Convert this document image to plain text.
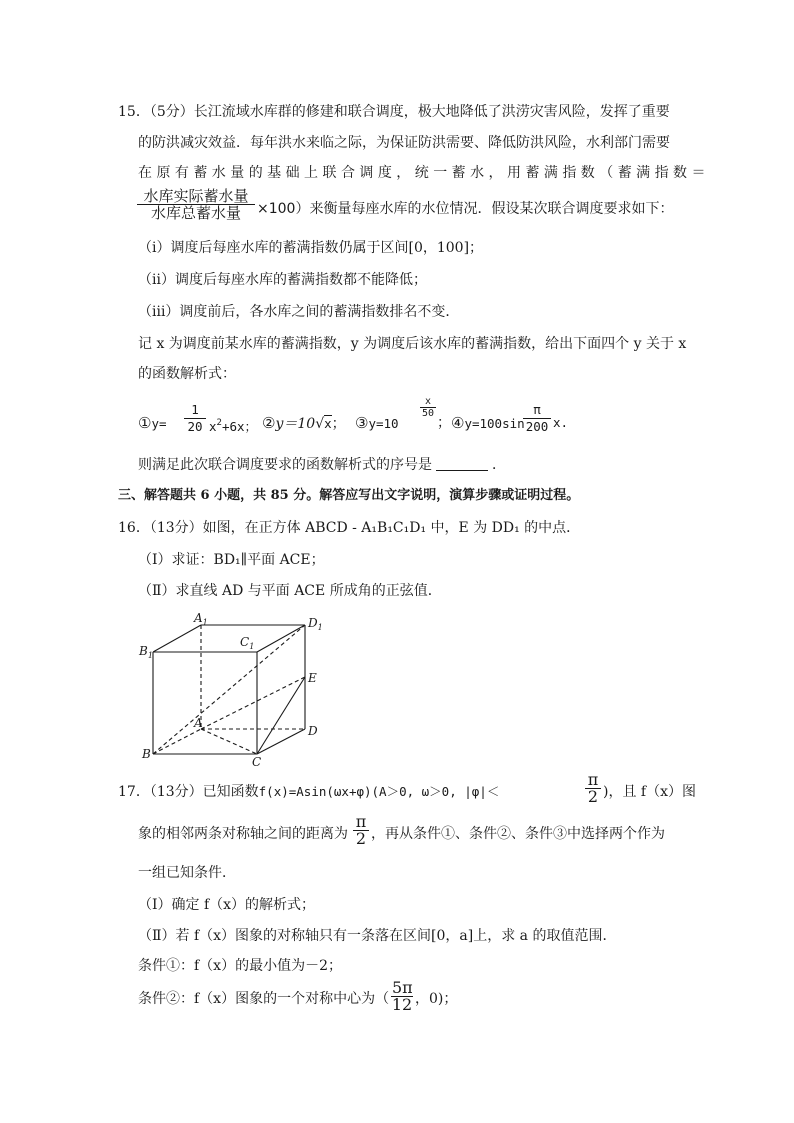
15．（5分）长江流域水库群的修建和联合调度，极大地降低了洪涝灾害风险，发挥了重要
的防洪减灾效益．每年洪水来临之际，为保证防洪需要、降低防洪风险，水利部门需要
在 原 有 蓄 水 量 的 基 础 上 联 合 调 度 ， 统 一 蓄 水 ， 用 蓄 满 指 数 （ 蓄 满 指 数 ＝
水库实际蓄水量
水库总蓄水量	×100）来衡量每座水库的水位情况．假设某次联合调度要求如下：
（ⅰ）调度后每座水库的蓄满指数仍属于区间[0，100]；
（ⅱ）调度后每座水库的蓄满指数都不能降低；
（ⅲ）调度前后，各水库之间的蓄满指数排名不变．
记 x 为调度前某水库的蓄满指数，y 为调度后该水库的蓄满指数，给出下面四个 y 关于 x
的函数解析式：
①y= $\frac{1}{20} x^2+6x$； ②y＝10√x； ③y=10
$\frac{x}{50}$
； ④y=100sin
$\frac{\pi}{200} x$.
则满足此次联合调度要求的函数解析式的序号是	．
三、解答题共 6 小题，共 85 分。解答应写出文字说明，演算步骤或证明过程。
16．（13分）如图，在正方体 ABCD - A₁B₁C₁D₁ 中，E 为 DD₁ 的中点．
（Ⅰ）求证：BD₁∥平面 ACE；
（Ⅱ）求直线 AD 与平面 ACE 所成角的正弦值．
$A_1$
$B_1$
$C_1$
$D_1$
E
A
D
B
C
17．（13分）已知函数f(x)=Asin(ωx+φ)(A＞0, ω＞0, |φ|＜	$\frac{\pi}{2}$ )，且 f（x）图
象的相邻两条对称轴之间的距离为 $\frac{\pi}{2}$ ，再从条件①、条件②、条件③中选择两个作为
一组已知条件．
（Ⅰ）确定 f（x）的解析式；
（Ⅱ）若 f（x）图象的对称轴只有一条落在区间[0，a]上，求 a 的取值范围．
条件①：f（x）的最小值为－2；
条件②：f（x）图象的一个对称中心为（ $\frac{5\pi}{12}$ ，0)；
